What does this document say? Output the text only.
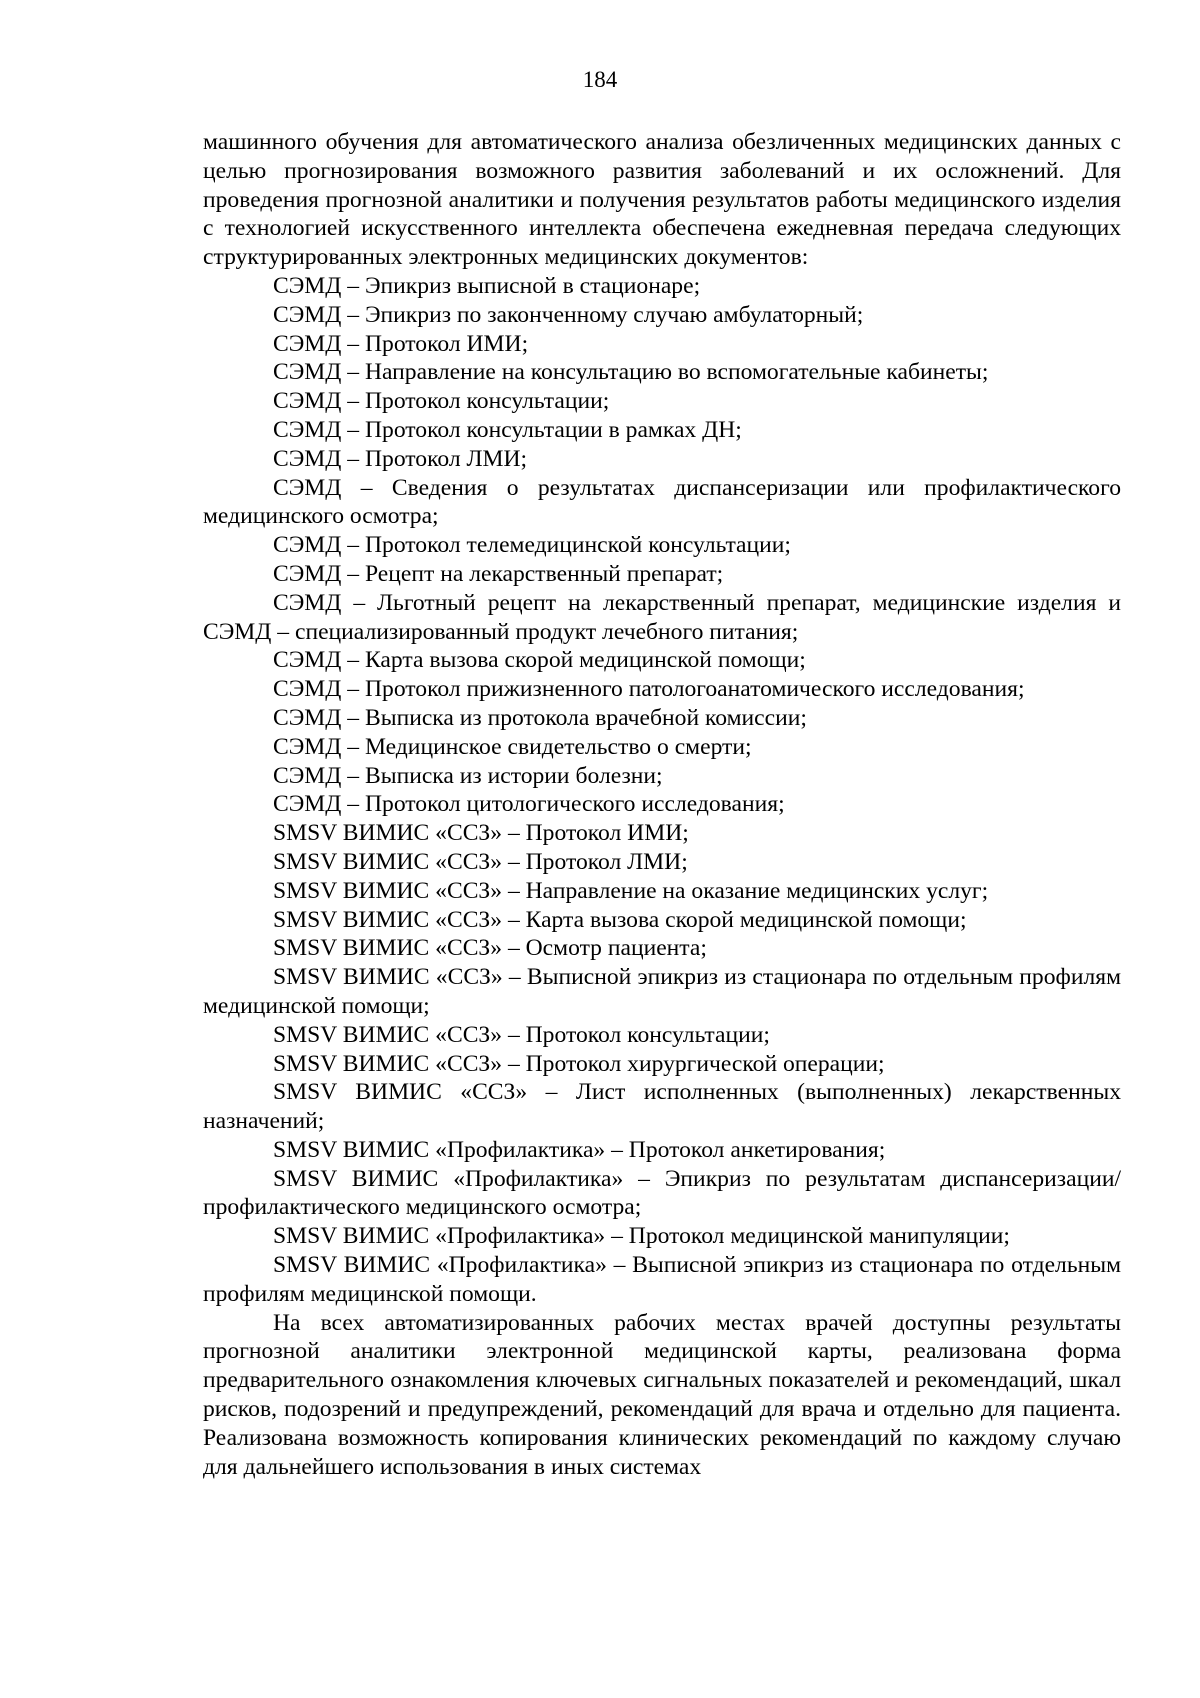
184

машинного обучения для автоматического анализа обезличенных медицинских данных с целью прогнозирования возможного развития заболеваний и их осложнений. Для проведения прогнозной аналитики и получения результатов работы медицинского изделия с технологией искусственного интеллекта обеспечена ежедневная передача следующих структурированных электронных медицинских документов:

СЭМД – Эпикриз выписной в стационаре;

СЭМД – Эпикриз по законченному случаю амбулаторный;

СЭМД – Протокол ИМИ;

СЭМД – Направление на консультацию во вспомогательные кабинеты;

СЭМД – Протокол консультации;

СЭМД – Протокол консультации в рамках ДН;

СЭМД – Протокол ЛМИ;

СЭМД – Сведения о результатах диспансеризации или профилактического медицинского осмотра;

СЭМД – Протокол телемедицинской консультации;

СЭМД – Рецепт на лекарственный препарат;

СЭМД – Льготный рецепт на лекарственный препарат, медицинские изделия и СЭМД – специализированный продукт лечебного питания;

СЭМД – Карта вызова скорой медицинской помощи;

СЭМД – Протокол прижизненного патологоанатомического исследования;

СЭМД – Выписка из протокола врачебной комиссии;

СЭМД – Медицинское свидетельство о смерти;

СЭМД – Выписка из истории болезни;

СЭМД – Протокол цитологического исследования;

SMSV ВИМИС «ССЗ» – Протокол ИМИ;

SMSV ВИМИС «ССЗ» – Протокол ЛМИ;

SMSV ВИМИС «ССЗ» – Направление на оказание медицинских услуг;

SMSV ВИМИС «ССЗ» – Карта вызова скорой медицинской помощи;

SMSV ВИМИС «ССЗ» – Осмотр пациента;

SMSV ВИМИС «ССЗ» – Выписной эпикриз из стационара по отдельным профилям медицинской помощи;

SMSV ВИМИС «ССЗ» – Протокол консультации;

SMSV ВИМИС «ССЗ» – Протокол хирургической операции;

SMSV ВИМИС «ССЗ» – Лист исполненных (выполненных) лекарственных назначений;

SMSV ВИМИС «Профилактика» – Протокол анкетирования;

SMSV ВИМИС «Профилактика» – Эпикриз по результатам диспансеризации/профилактического медицинского осмотра;

SMSV ВИМИС «Профилактика» – Протокол медицинской манипуляции;

SMSV ВИМИС «Профилактика» – Выписной эпикриз из стационара по отдельным профилям медицинской помощи.

На всех автоматизированных рабочих местах врачей доступны результаты прогнозной аналитики электронной медицинской карты, реализована форма предварительного ознакомления ключевых сигнальных показателей и рекомендаций, шкал рисков, подозрений и предупреждений, рекомендаций для врача и отдельно для пациента. Реализована возможность копирования клинических рекомендаций по каждому случаю для дальнейшего использования в иных системах
